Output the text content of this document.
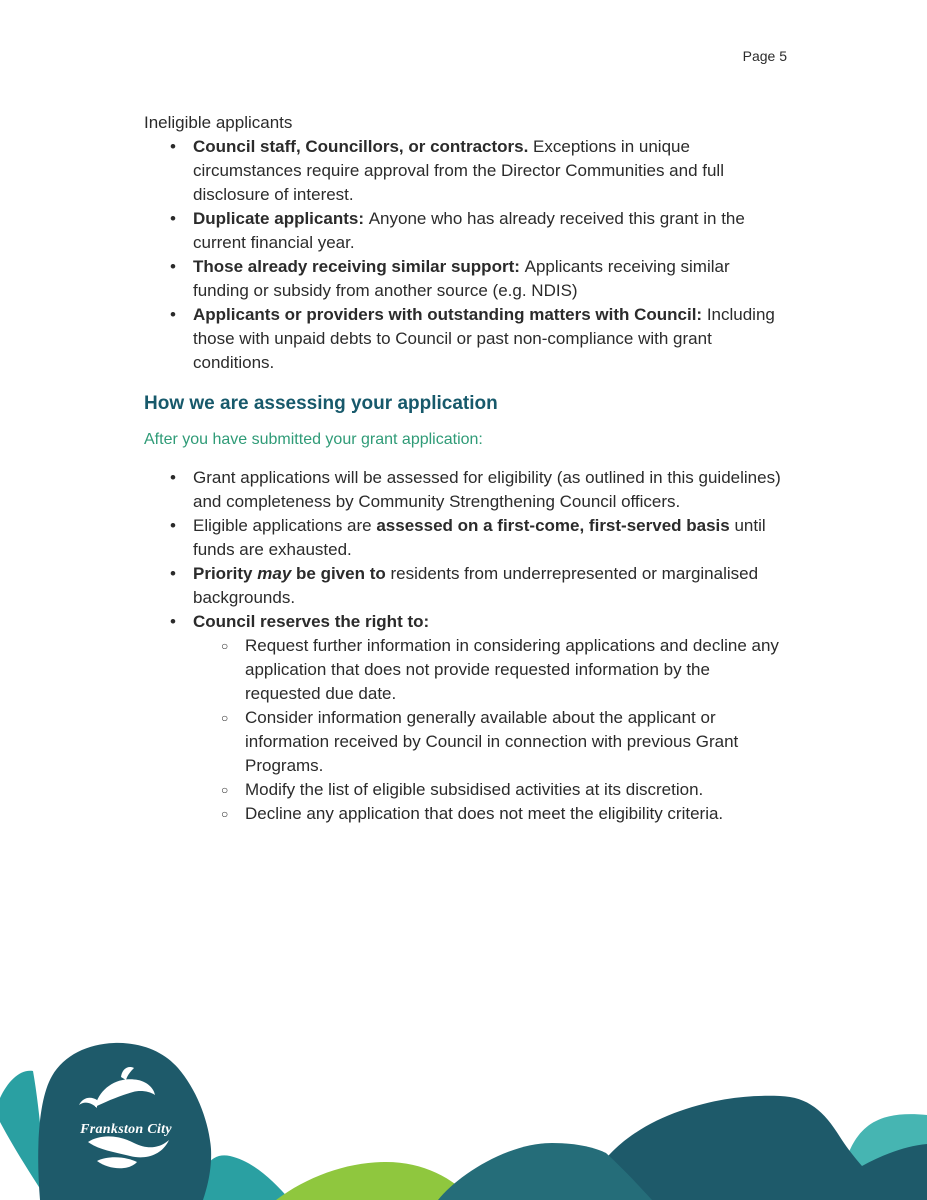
Page 5

Ineligible applicants

• Council staff, Councillors, or contractors. Exceptions in unique circumstances require approval from the Director Communities and full disclosure of interest.
• Duplicate applicants: Anyone who has already received this grant in the current financial year.
• Those already receiving similar support: Applicants receiving similar funding or subsidy from another source (e.g. NDIS)
• Applicants or providers with outstanding matters with Council: Including those with unpaid debts to Council or past non-compliance with grant conditions.
How we are assessing your application
After you have submitted your grant application:
• Grant applications will be assessed for eligibility (as outlined in this guidelines) and completeness by Community Strengthening Council officers.
• Eligible applications are assessed on a first-come, first-served basis until funds are exhausted.
• Priority may be given to residents from underrepresented or marginalised backgrounds.
• Council reserves the right to:
○ Request further information in considering applications and decline any application that does not provide requested information by the requested due date.
○ Consider information generally available about the applicant or information received by Council in connection with previous Grant Programs.
○ Modify the list of eligible subsidised activities at its discretion.
○ Decline any application that does not meet the eligibility criteria.
Frankston City
